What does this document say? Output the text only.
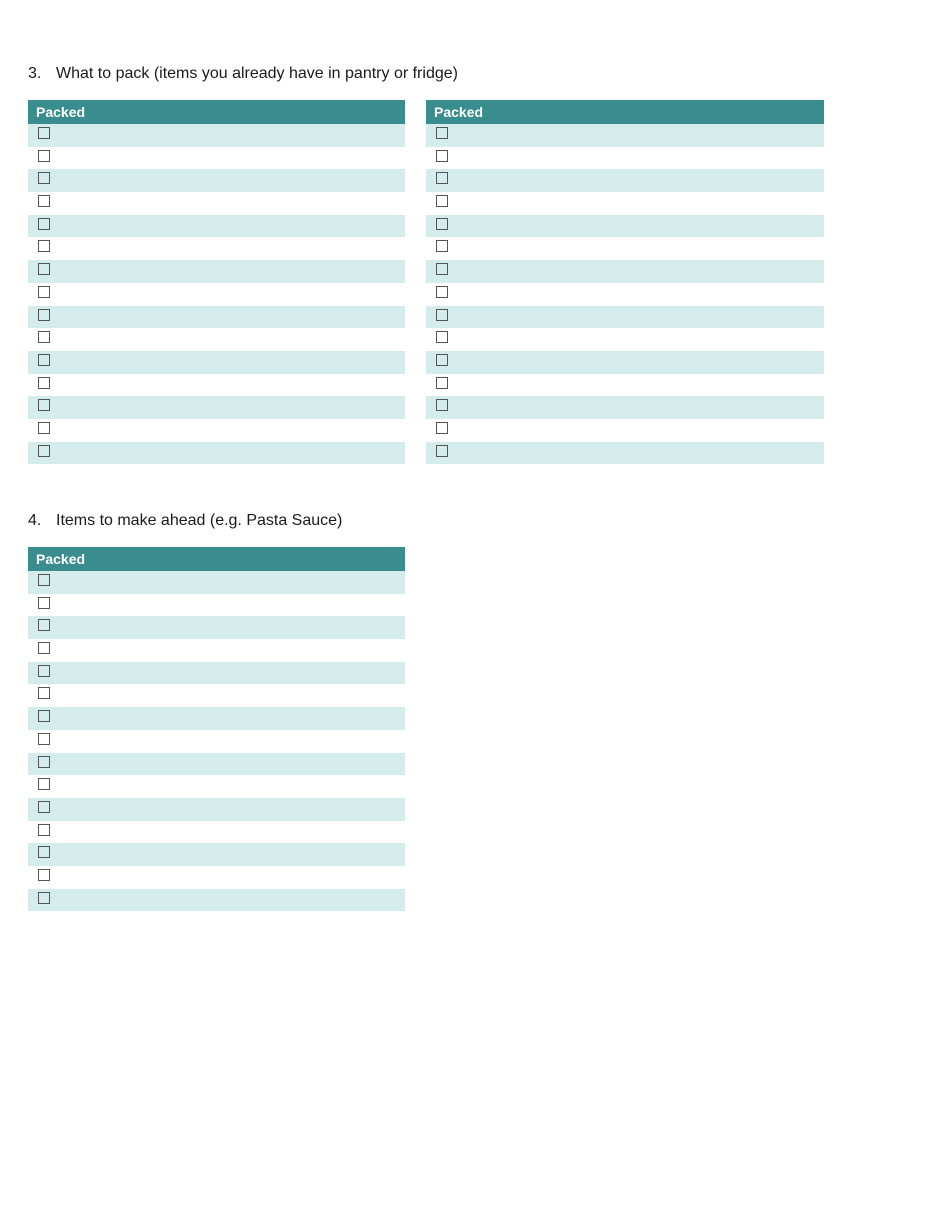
3. What to pack (items you already have in pantry or fridge)
Packed	Packed
4. Items to make ahead (e.g. Pasta Sauce)
Packed
